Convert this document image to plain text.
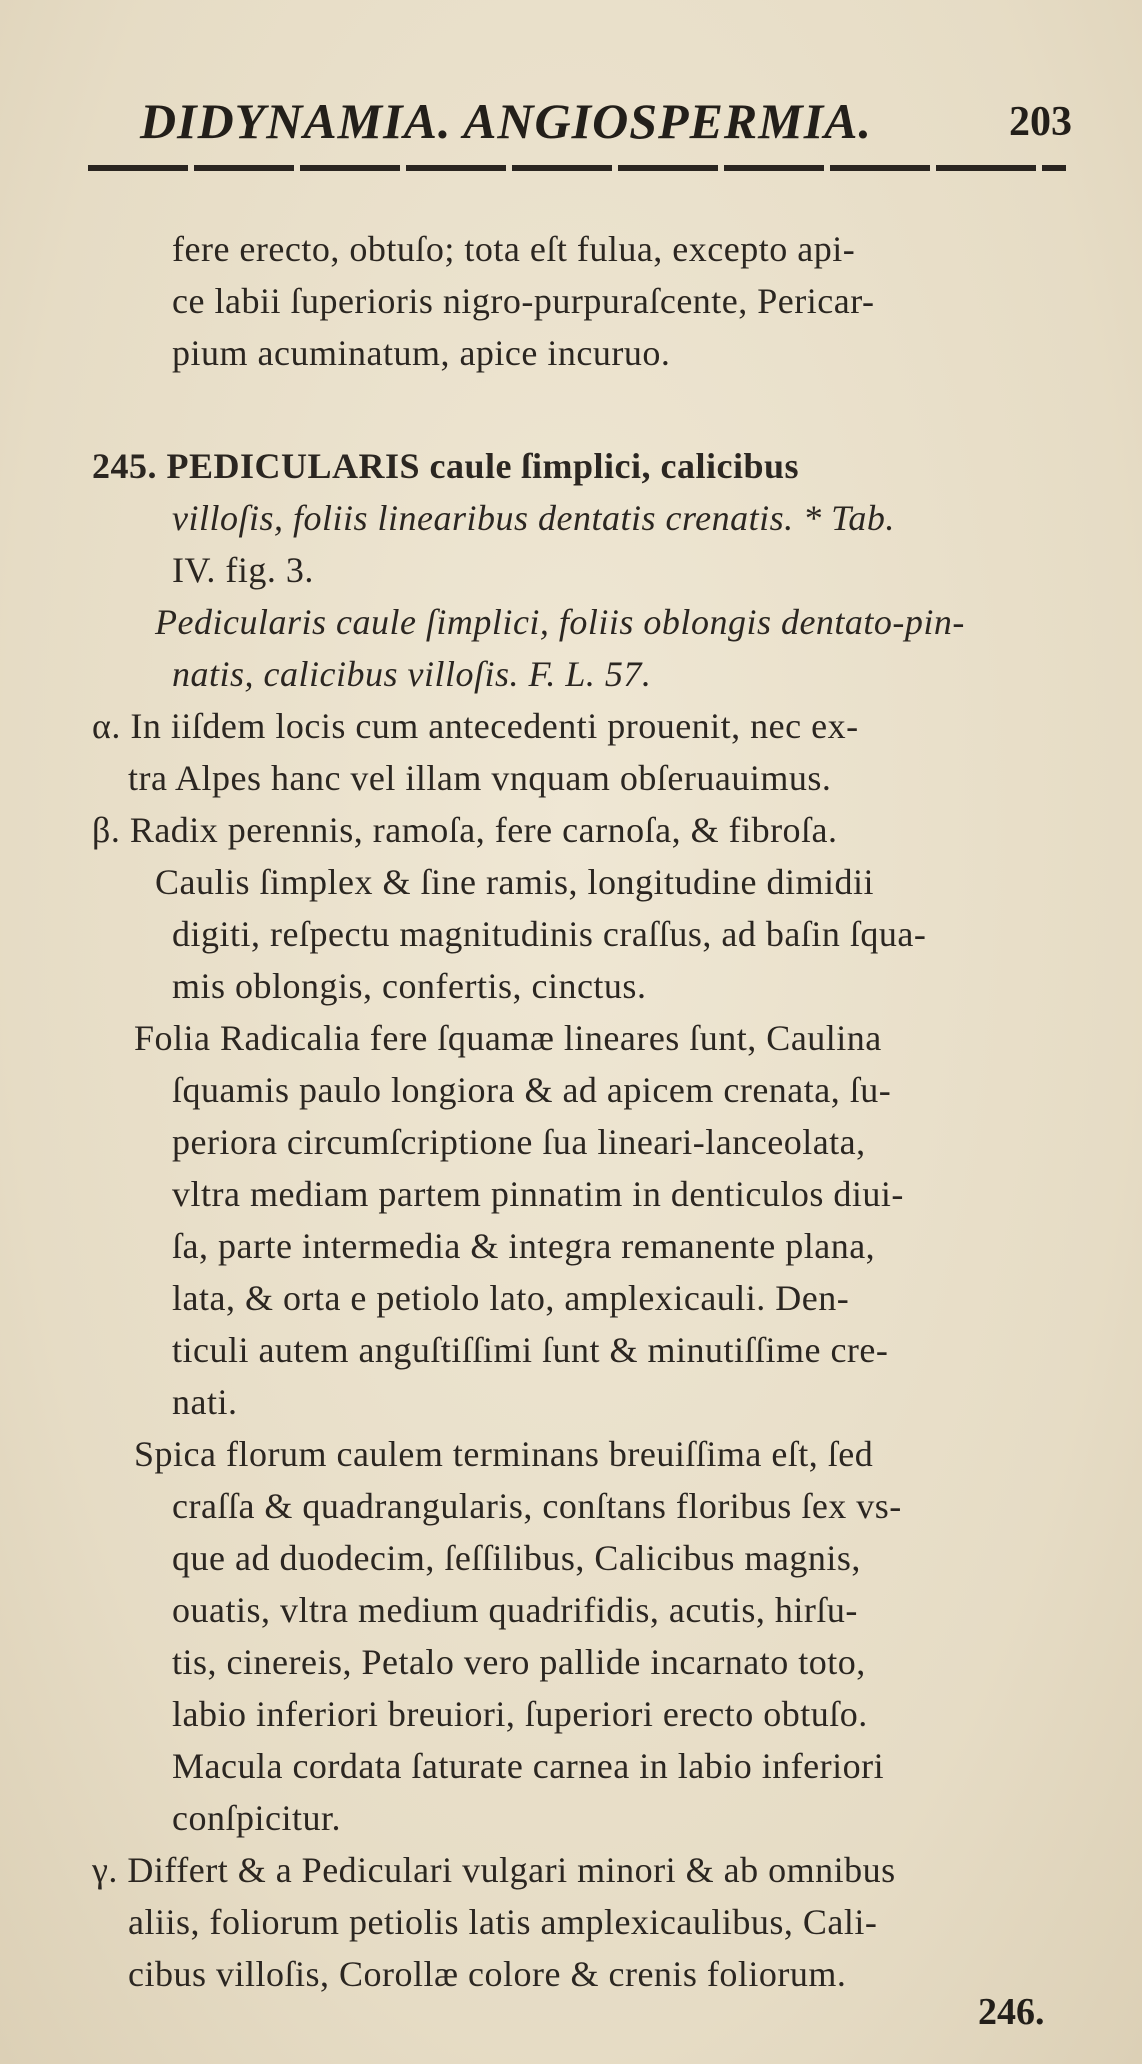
DIDYNAMIA. ANGIOSPERMIA.	203
fere erecto, obtuſo; tota eſt fulua, excepto api-
ce labii ſuperioris nigro-purpuraſcente, Pericar-
pium acuminatum, apice incuruo.
245. PEDICULARIS caule ſimplici, calicibus
villoſis, foliis linearibus dentatis crenatis. * Tab.
IV. fig. 3.
Pedicularis caule ſimplici, foliis oblongis dentato-pin-
natis, calicibus villoſis. F. L. 57.
α. In iiſdem locis cum antecedenti prouenit, nec ex-
tra Alpes hanc vel illam vnquam obſeruauimus.
β. Radix perennis, ramoſa, fere carnoſa, & fibroſa.
Caulis ſimplex & ſine ramis, longitudine dimidii
digiti, reſpectu magnitudinis craſſus, ad baſin ſqua-
mis oblongis, confertis, cinctus.
Folia Radicalia fere ſquamæ lineares ſunt, Caulina
ſquamis paulo longiora & ad apicem crenata, ſu-
periora circumſcriptione ſua lineari-lanceolata,
vltra mediam partem pinnatim in denticulos diui-
ſa, parte intermedia & integra remanente plana,
lata, & orta e petiolo lato, amplexicauli. Den-
ticuli autem anguſtiſſimi ſunt & minutiſſime cre-
nati.
Spica florum caulem terminans breuiſſima eſt, ſed
craſſa & quadrangularis, conſtans floribus ſex vs-
que ad duodecim, ſeſſilibus, Calicibus magnis,
ouatis, vltra medium quadrifidis, acutis, hirſu-
tis, cinereis, Petalo vero pallide incarnato toto,
labio inferiori breuiori, ſuperiori erecto obtuſo.
Macula cordata ſaturate carnea in labio inferiori
conſpicitur.
γ. Differt & a Pediculari vulgari minori & ab omnibus
aliis, foliorum petiolis latis amplexicaulibus, Cali-
cibus villoſis, Corollæ colore & crenis foliorum.
246.
